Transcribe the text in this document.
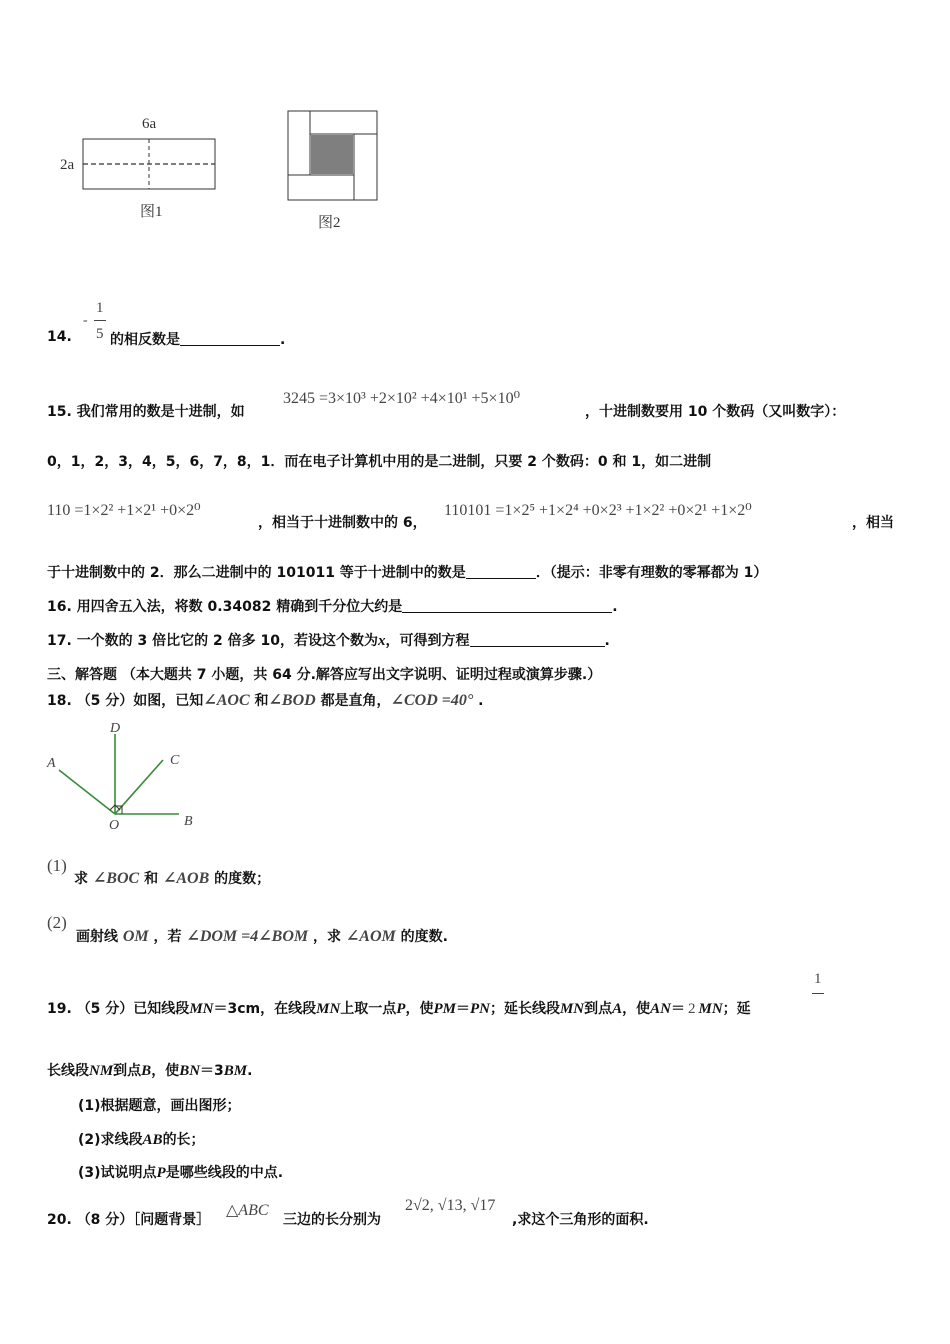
6a
2a
图1
图2
14.
-
1
5 的相反数是	.
15. 我们常用的数是十进制，如
3245 =3×10³ +2×10² +4×10¹ +5×10⁰
，十进制数要用 10 个数码（又叫数字）：
0，1，2，3，4，5，6，7，8，1．而在电子计算机中用的是二进制，只要 2 个数码：0 和 1，如二进制
110 =1×2² +1×2¹ +0×2⁰
，相当于十进制数中的 6，
110101 =1×2⁵ +1×2⁴ +0×2³ +1×2² +0×2¹ +1×2⁰
，相当
于十进制数中的 2．那么二进制中的 101011 等于十进制中的数是	．（提示：非零有理数的零幂都为 1）
16. 用四舍五入法，将数 0.34082 精确到千分位大约是	.
17. 一个数的 3 倍比它的 2 倍多 10，若设这个数为x，可得到方程	.
三、解答题 （本大题共 7 小题，共 64 分.解答应写出文字说明、证明过程或演算步骤.）
18. （5 分）如图，已知∠AOC 和∠BOD 都是直角，∠COD =40° .
D
A	C
O	B
(1)
求 ∠BOC 和 ∠AOB 的度数；
(2)
画射线 OM ，若 ∠DOM =4∠BOM ，求 ∠AOM 的度数.
1
19. （5 分）已知线段MN＝3cm，在线段MN上取一点P，使PM＝PN；延长线段MN到点A，使AN＝ 2 MN；延
长线段NM到点B，使BN＝3BM.
(1)根据题意，画出图形；
(2)求线段AB的长；
(3)试说明点P是哪些线段的中点.
20. （8 分）［问题背景］
△ABC
三边的长分别为
2√2, √13, √17
,求这个三角形的面积.
